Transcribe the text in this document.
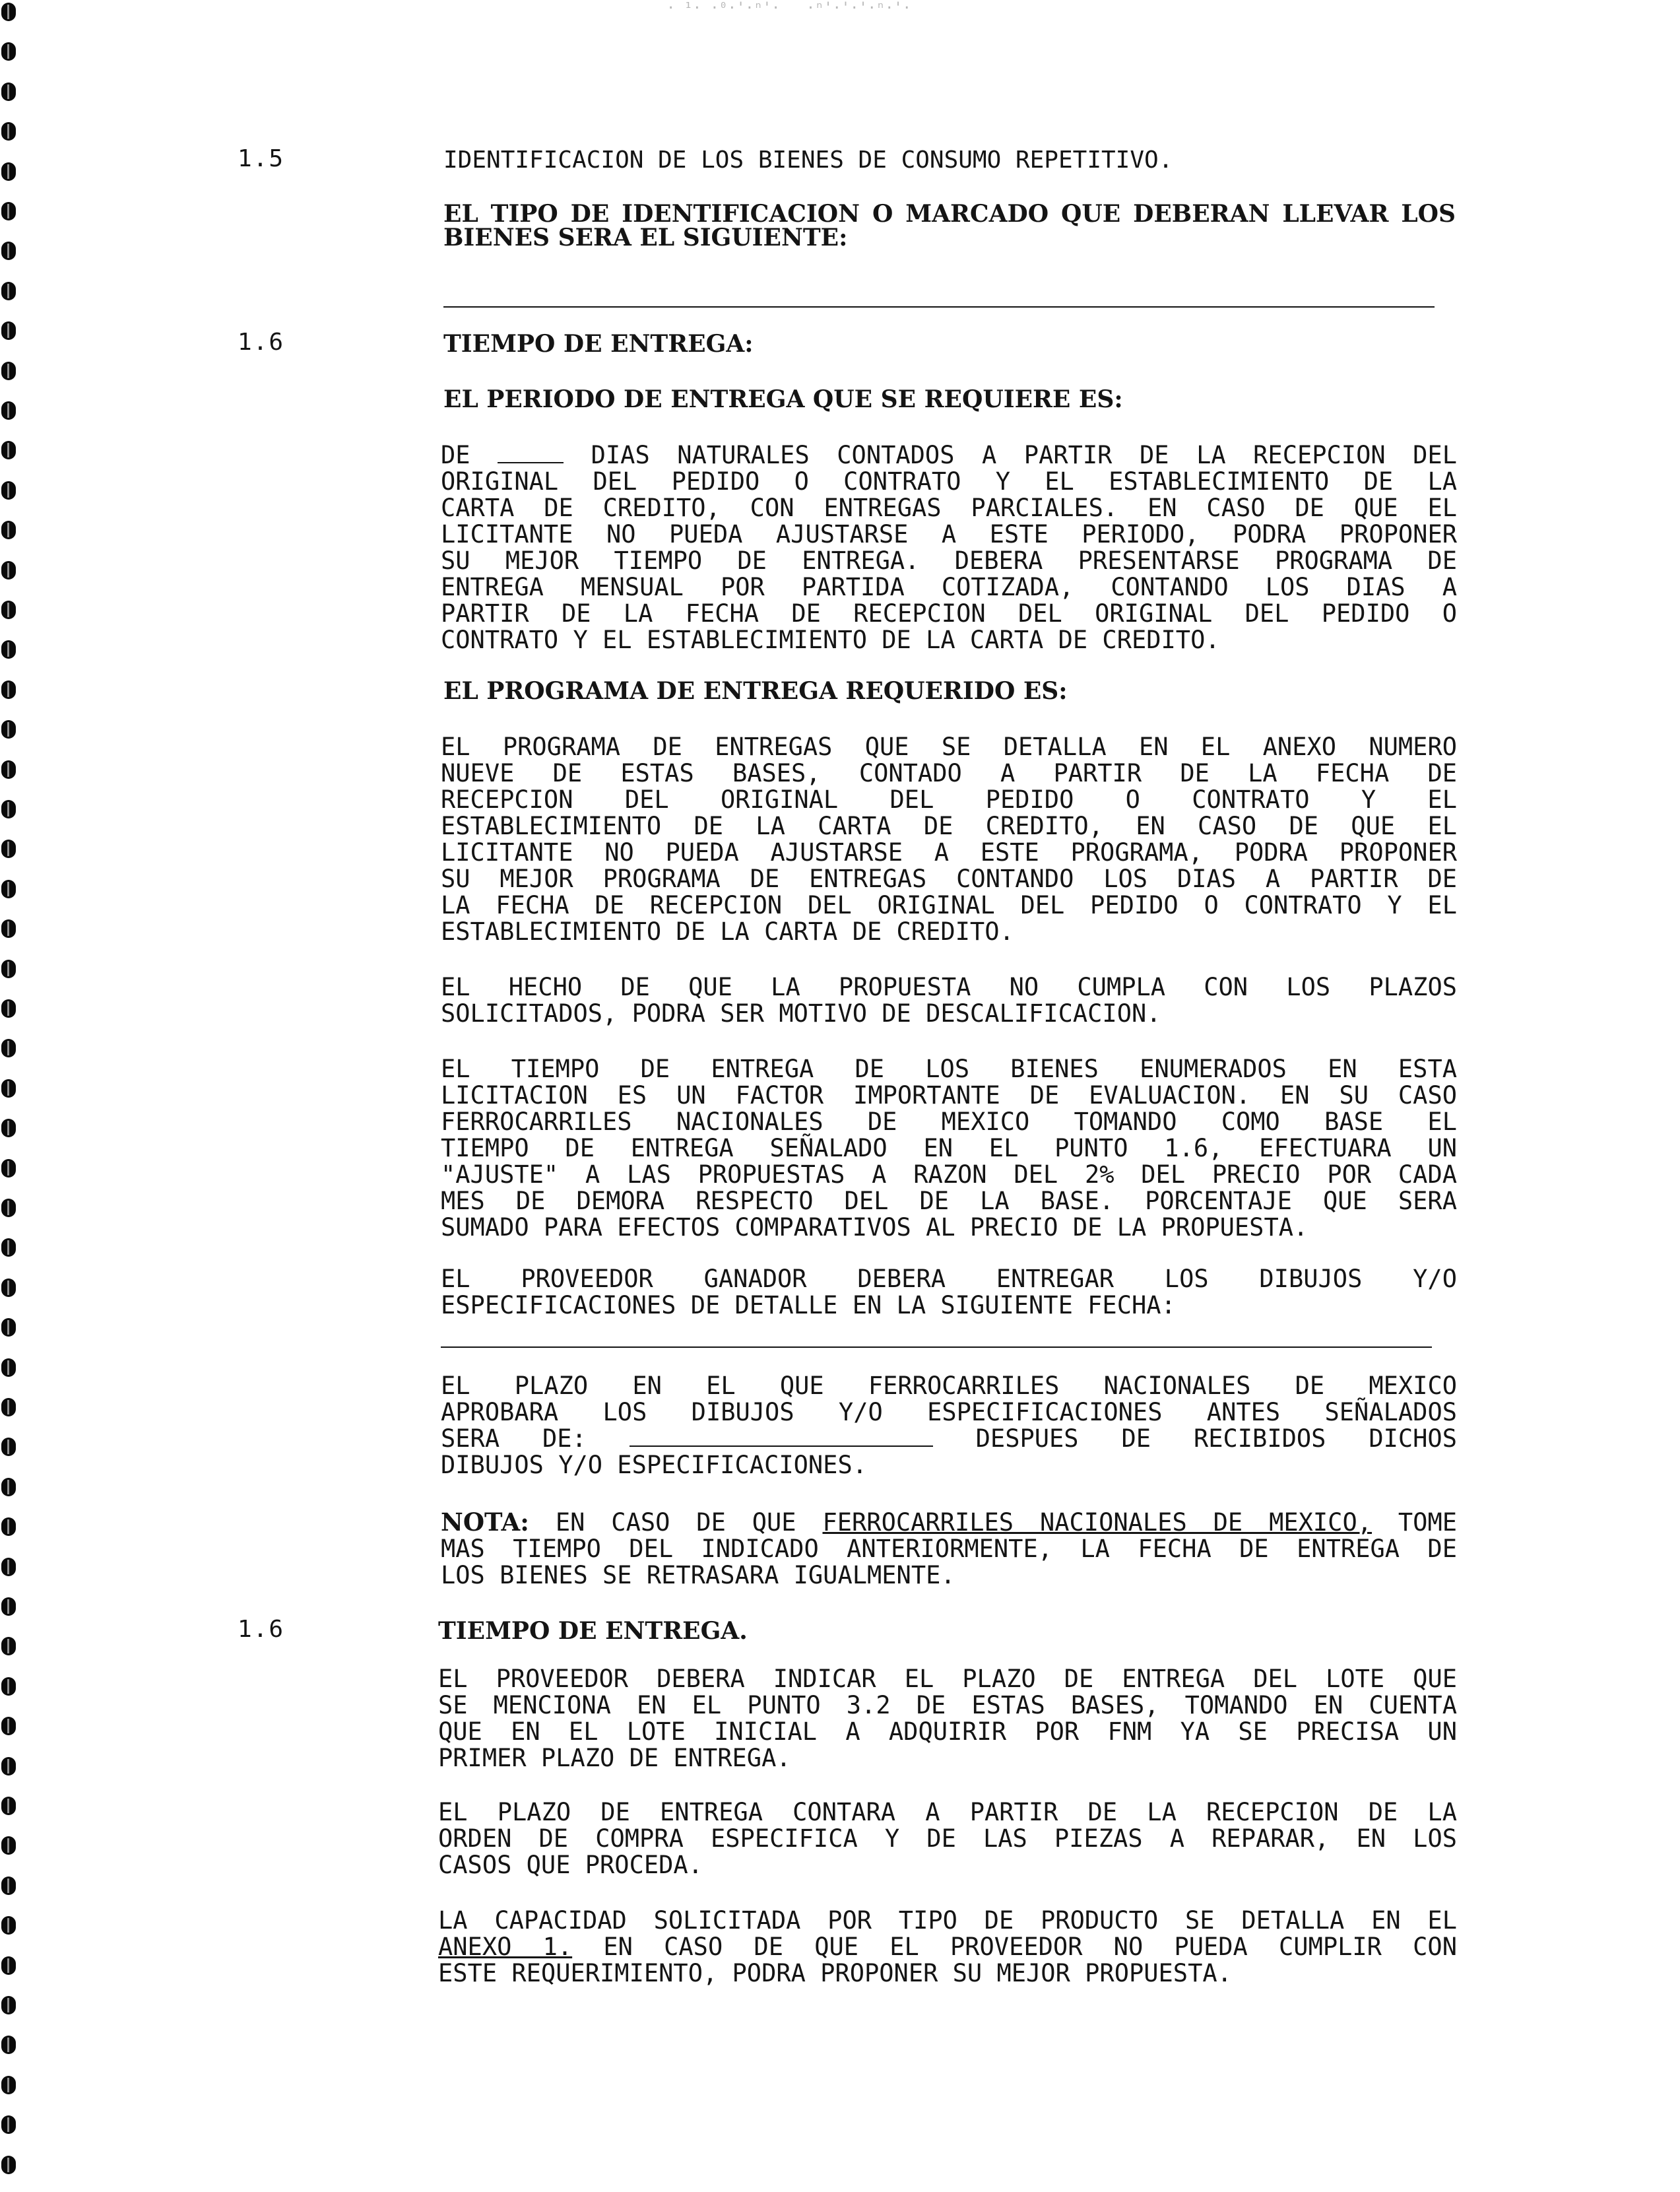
· ¹· ·⁰·'·ⁿ'·   ·ⁿ'·'·'·ⁿ·'·
1.5	IDENTIFICACION DE LOS BIENES DE CONSUMO REPETITIVO.
EL TIPO DE IDENTIFICACION O MARCADO QUE DEBERAN LLEVAR LOS
BIENES SERA EL SIGUIENTE:
1.6	TIEMPO DE ENTREGA:
EL PERIODO DE ENTREGA QUE SE REQUIERE ES:
DE	DIAS NATURALES CONTADOS A PARTIR DE LA RECEPCION DEL
ORIGINAL DEL PEDIDO O CONTRATO Y EL ESTABLECIMIENTO DE LA
CARTA DE CREDITO, CON ENTREGAS PARCIALES. EN CASO DE QUE EL
LICITANTE NO PUEDA AJUSTARSE A ESTE PERIODO, PODRA PROPONER
SU MEJOR TIEMPO DE ENTREGA. DEBERA PRESENTARSE PROGRAMA DE
ENTREGA MENSUAL POR PARTIDA COTIZADA, CONTANDO LOS DIAS A
PARTIR DE LA FECHA DE RECEPCION DEL ORIGINAL DEL PEDIDO O
CONTRATO Y EL ESTABLECIMIENTO DE LA CARTA DE CREDITO.
EL PROGRAMA DE ENTREGA REQUERIDO ES:
EL PROGRAMA DE ENTREGAS QUE SE DETALLA EN EL ANEXO NUMERO
NUEVE DE ESTAS BASES, CONTADO A PARTIR DE LA FECHA DE
RECEPCION DEL ORIGINAL DEL PEDIDO O CONTRATO Y EL
ESTABLECIMIENTO DE LA CARTA DE CREDITO, EN CASO DE QUE EL
LICITANTE NO PUEDA AJUSTARSE A ESTE PROGRAMA, PODRA PROPONER
SU MEJOR PROGRAMA DE ENTREGAS CONTANDO LOS DIAS A PARTIR DE
LA FECHA DE RECEPCION DEL ORIGINAL DEL PEDIDO O CONTRATO Y EL
ESTABLECIMIENTO DE LA CARTA DE CREDITO.
EL HECHO DE QUE LA PROPUESTA NO CUMPLA CON LOS PLAZOS
SOLICITADOS, PODRA SER MOTIVO DE DESCALIFICACION.
EL TIEMPO DE ENTREGA DE LOS BIENES ENUMERADOS EN ESTA
LICITACION ES UN FACTOR IMPORTANTE DE EVALUACION. EN SU CASO
FERROCARRILES NACIONALES DE MEXICO TOMANDO COMO BASE EL
TIEMPO DE ENTREGA SEÑALADO EN EL PUNTO 1.6, EFECTUARA UN
"AJUSTE" A LAS PROPUESTAS A RAZON DEL 2% DEL PRECIO POR CADA
MES DE DEMORA RESPECTO DEL DE LA BASE. PORCENTAJE QUE SERA
SUMADO PARA EFECTOS COMPARATIVOS AL PRECIO DE LA PROPUESTA.
EL PROVEEDOR GANADOR DEBERA ENTREGAR LOS DIBUJOS Y/O
ESPECIFICACIONES DE DETALLE EN LA SIGUIENTE FECHA:
EL PLAZO EN EL QUE FERROCARRILES NACIONALES DE MEXICO
APROBARA LOS DIBUJOS Y/O ESPECIFICACIONES ANTES SEÑALADOS
SERA DE:	DESPUES DE RECIBIDOS DICHOS
DIBUJOS Y/O ESPECIFICACIONES.
NOTA: EN CASO DE QUE FERROCARRILES NACIONALES DE MEXICO, TOME
MAS TIEMPO DEL INDICADO ANTERIORMENTE, LA FECHA DE ENTREGA DE
LOS BIENES SE RETRASARA IGUALMENTE.
1.6	TIEMPO DE ENTREGA.
EL PROVEEDOR DEBERA INDICAR EL PLAZO DE ENTREGA DEL LOTE QUE
SE MENCIONA EN EL PUNTO 3.2 DE ESTAS BASES, TOMANDO EN CUENTA
QUE EN EL LOTE INICIAL A ADQUIRIR POR FNM YA SE PRECISA UN
PRIMER PLAZO DE ENTREGA.
EL PLAZO DE ENTREGA CONTARA A PARTIR DE LA RECEPCION DE LA
ORDEN DE COMPRA ESPECIFICA Y DE LAS PIEZAS A REPARAR, EN LOS
CASOS QUE PROCEDA.
LA CAPACIDAD SOLICITADA POR TIPO DE PRODUCTO SE DETALLA EN EL
ANEXO 1. EN CASO DE QUE EL PROVEEDOR NO PUEDA CUMPLIR CON
ESTE REQUERIMIENTO, PODRA PROPONER SU MEJOR PROPUESTA.
